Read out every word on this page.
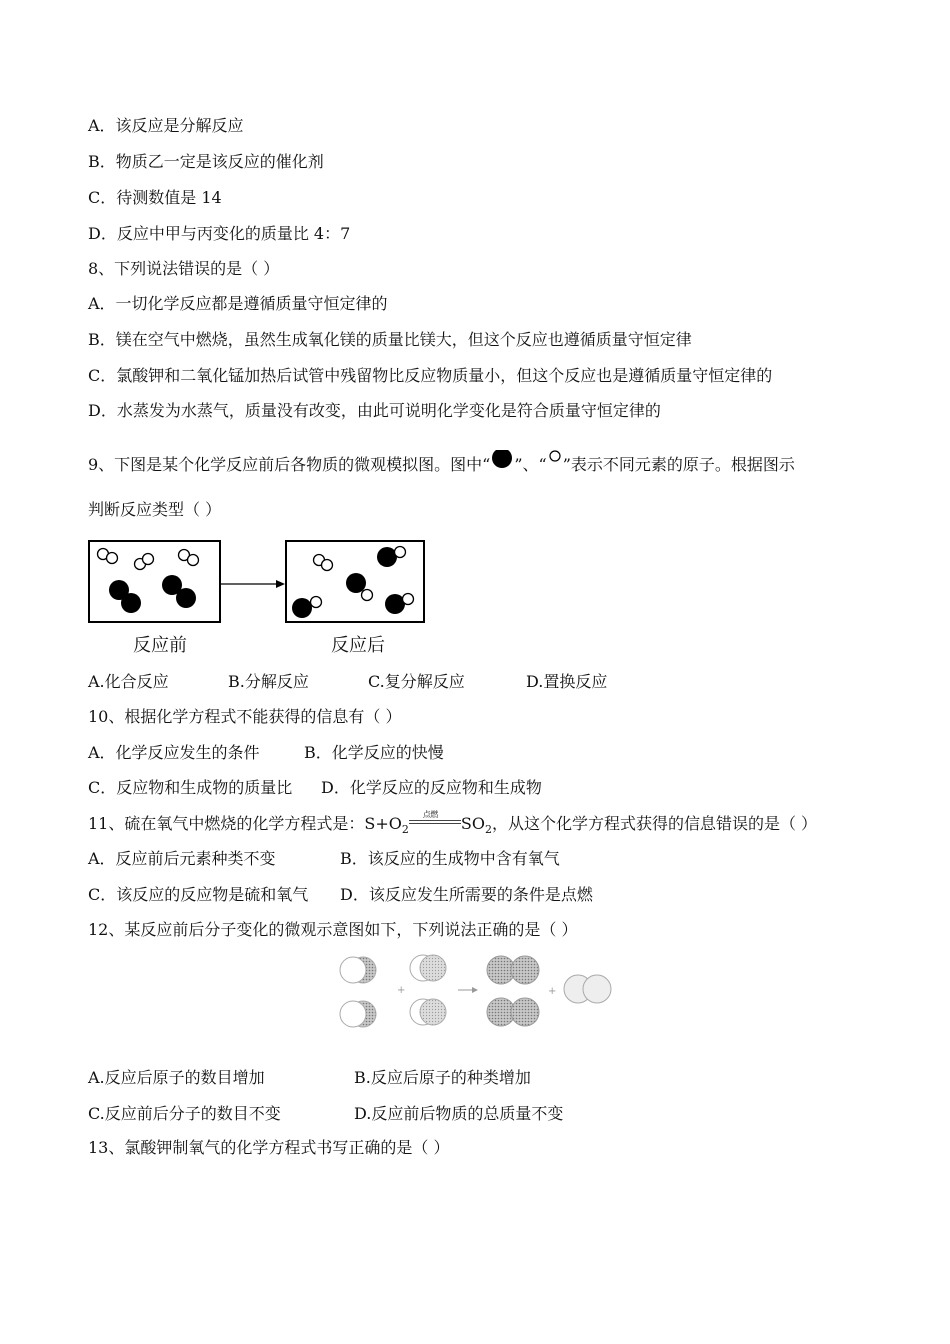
A．该反应是分解反应
B．物质乙一定是该反应的催化剂
C．待测数值是 14
D．反应中甲与丙变化的质量比 4：7
8、下列说法错误的是（ ）
A．一切化学反应都是遵循质量守恒定律的
B．镁在空气中燃烧，虽然生成氧化镁的质量比镁大，但这个反应也遵循质量守恒定律
C．氯酸钾和二氧化锰加热后试管中残留物比反应物质量小，但这个反应也是遵循质量守恒定律的
D．水蒸发为水蒸气，质量没有改变，由此可说明化学变化是符合质量守恒定律的
9、下图是某个化学反应前后各物质的微观模拟图。图中“ ”、“ ”表示不同元素的原子。根据图示
判断反应类型（ ）
反应前	反应后
A.化合反应	B.分解反应	C.复分解反应	D.置换反应
10、根据化学方程式不能获得的信息有（ ）
A．化学反应发生的条件	B．化学反应的快慢
C．反应物和生成物的质量比 D．化学反应的反应物和生成物
11、硫在氧气中燃烧的化学方程式是：$S+O_2$
点燃 $SO_2$，从这个化学方程式获得的信息错误的是（ ）
A．反应前后元素种类不变	B．该反应的生成物中含有氧气
C．该反应的反应物是硫和氧气 D．该反应发生所需要的条件是点燃
12、某反应前后分子变化的微观示意图如下，下列说法正确的是（ ）
+	+
A.反应后原子的数目增加	B.反应后原子的种类增加
C.反应前后分子的数目不变	D.反应前后物质的总质量不变
13、氯酸钾制氧气的化学方程式书写正确的是（ ）
